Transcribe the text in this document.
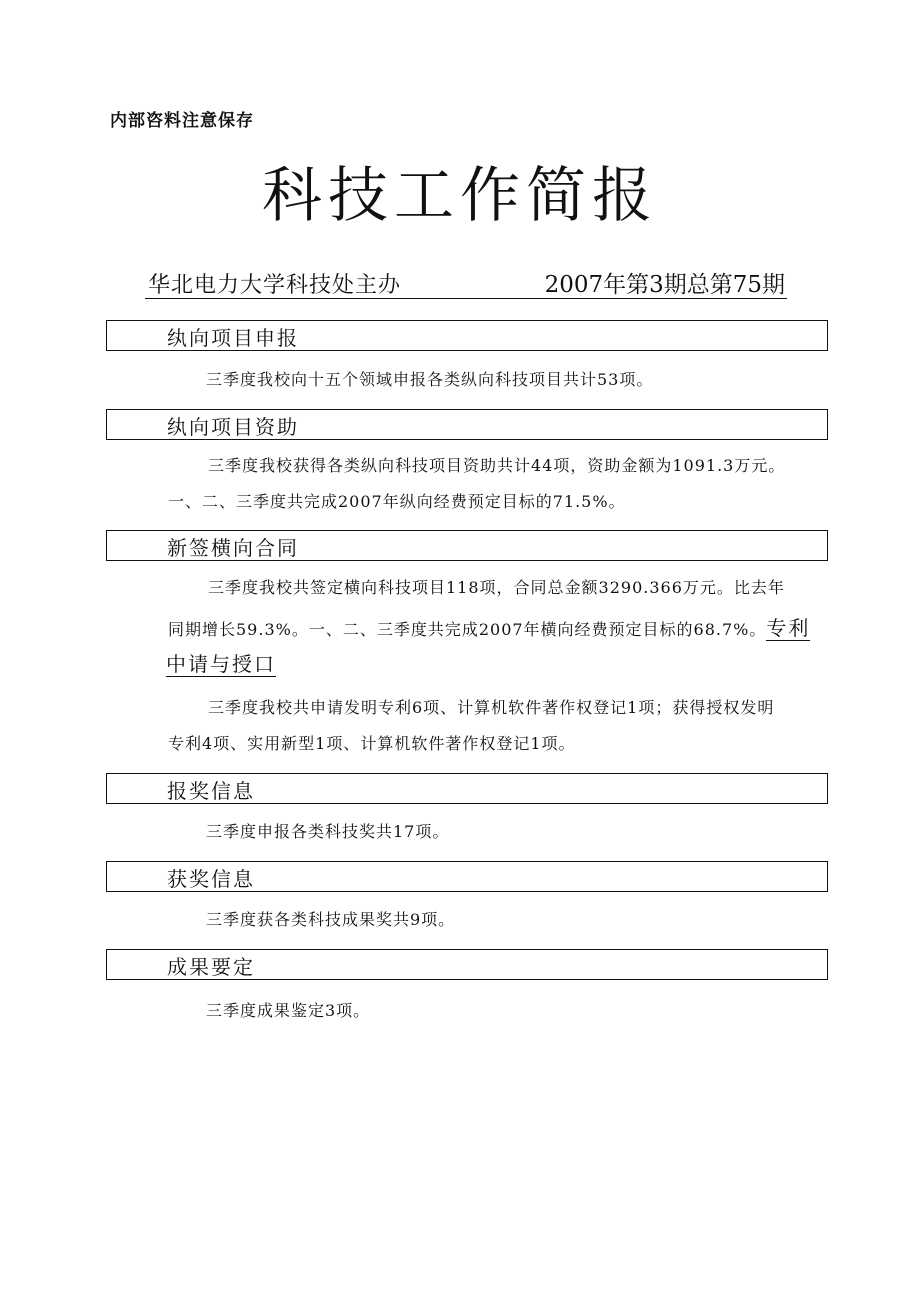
内部咨料注意保存
科技工作简报
华北电力大学科技处主办	2007年第3期总第75期
纨向项目申报
三季度我校向十五个领域申报各类纵向科技项目共计53项。
纨向项目资助
三季度我校获得各类纵向科技项目资助共计44项，资助金额为1091.3万元。
一、二、三季度共完成2007年纵向经费预定目标的71.5%。
新签横向合同
三季度我校共签定横向科技项目118项，合同总金额3290.366万元。比去年
同期增长59.3%。一、二、三季度共完成2007年横向经费预定目标的68.7%。专利
中请与授口
三季度我校共申请发明专利6项、计算机软件著作权登记1项；获得授权发明
专利4项、实用新型1项、计算机软件著作权登记1项。
报奖信息
三季度申报各类科技奖共17项。
获奖信息
三季度获各类科技成果奖共9项。
成果要定
三季度成果鉴定3项。
